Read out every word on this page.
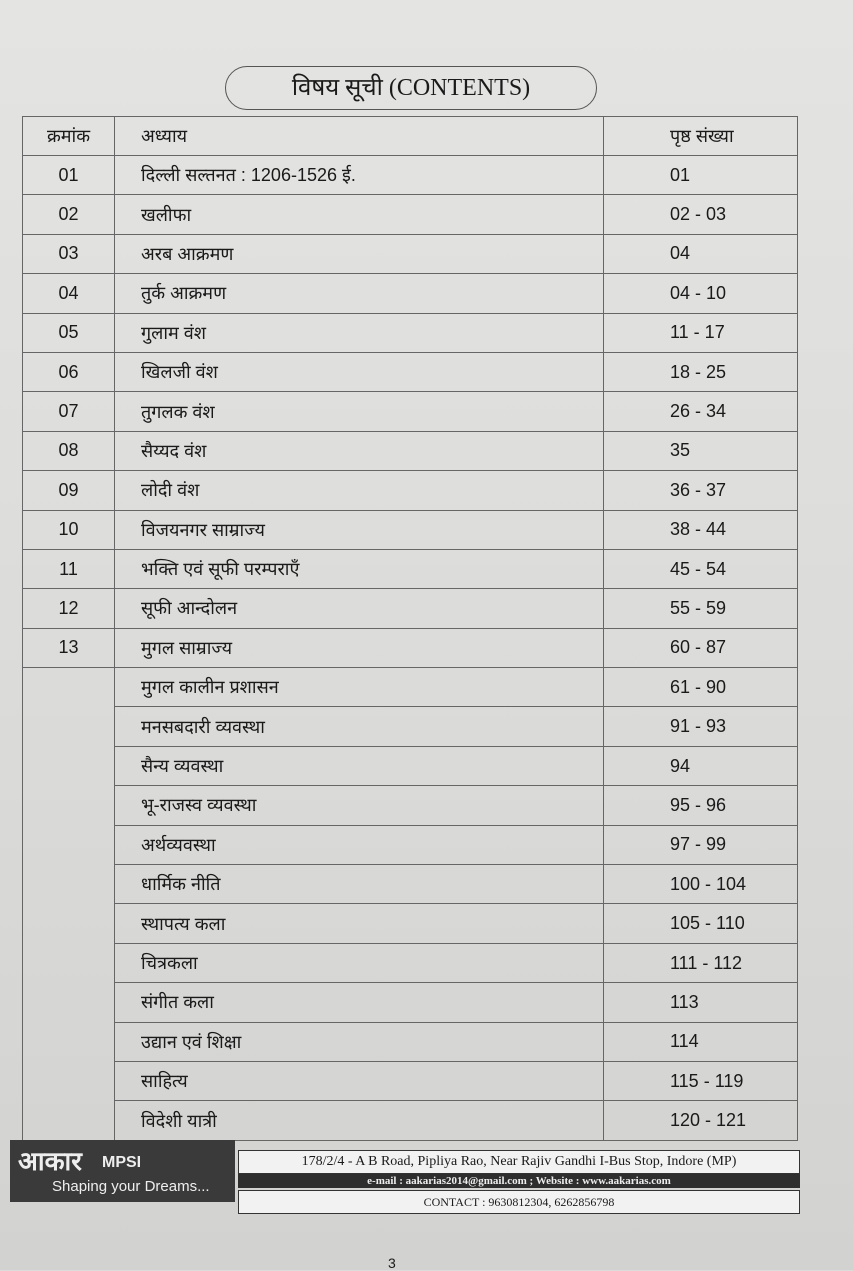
विषय सूची (CONTENTS)
क्रमांक	अध्याय	पृष्ठ संख्या
01	दिल्ली सल्तनत : 1206-1526 ई.	01
02	खलीफा	02 - 03
03	अरब आक्रमण	04
04	तुर्क आक्रमण	04 - 10
05	गुलाम वंश	11 - 17
06	खिलजी वंश	18 - 25
07	तुगलक वंश	26 - 34
08	सैय्यद वंश	35
09	लोदी वंश	36 - 37
10	विजयनगर साम्राज्य	38 - 44
11	भक्ति एवं सूफी परम्पराएँ	45 - 54
12	सूफी आन्दोलन	55 - 59
13	मुगल साम्राज्य	60 - 87
	मुगल कालीन प्रशासन	61 - 90
	मनसबदारी व्यवस्था	91 - 93
	सैन्य व्यवस्था	94
	भू-राजस्व व्यवस्था	95 - 96
	अर्थव्यवस्था	97 - 99
	धार्मिक नीति	100 - 104
	स्थापत्य कला	105 - 110
	चित्रकला	111 - 112
	संगीत कला	113
	उद्यान एवं शिक्षा	114
	साहित्य	115 - 119
	विदेशी यात्री	120 - 121
आकार MPSI
Shaping your Dreams...
178/2/4 - A B Road, Pipliya Rao, Near Rajiv Gandhi I-Bus Stop, Indore (MP)
e-mail : aakarias2014@gmail.com ; Website : www.aakarias.com
CONTACT : 9630812304, 6262856798
3
